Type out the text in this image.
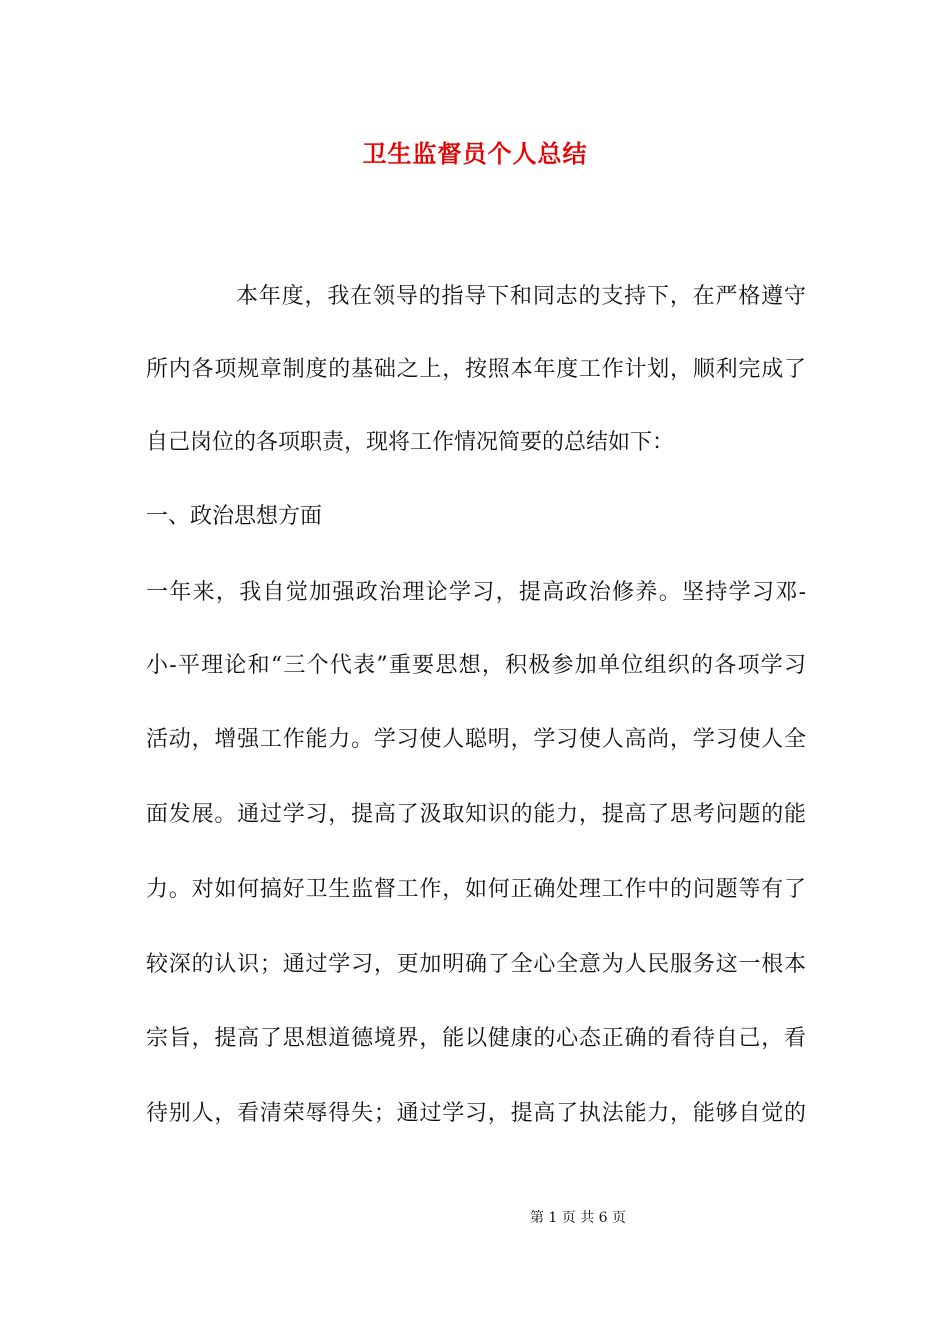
卫生监督员个人总结
本年度，我在领导的指导下和同志的支持下，在严格遵守
所内各项规章制度的基础之上，按照本年度工作计划，顺利完成了
自己岗位的各项职责，现将工作情况简要的总结如下：
一、政治思想方面
一年来，我自觉加强政治理论学习，提高政治修养。坚持学习邓-
小-平理论和“三个代表”重要思想，积极参加单位组织的各项学习
活动，增强工作能力。学习使人聪明，学习使人高尚，学习使人全
面发展。通过学习，提高了汲取知识的能力，提高了思考问题的能
力。对如何搞好卫生监督工作，如何正确处理工作中的问题等有了
较深的认识；通过学习，更加明确了全心全意为人民服务这一根本
宗旨，提高了思想道德境界，能以健康的心态正确的看待自己，看
待别人，看清荣辱得失；通过学习，提高了执法能力，能够自觉的
第 1 页 共 6 页
